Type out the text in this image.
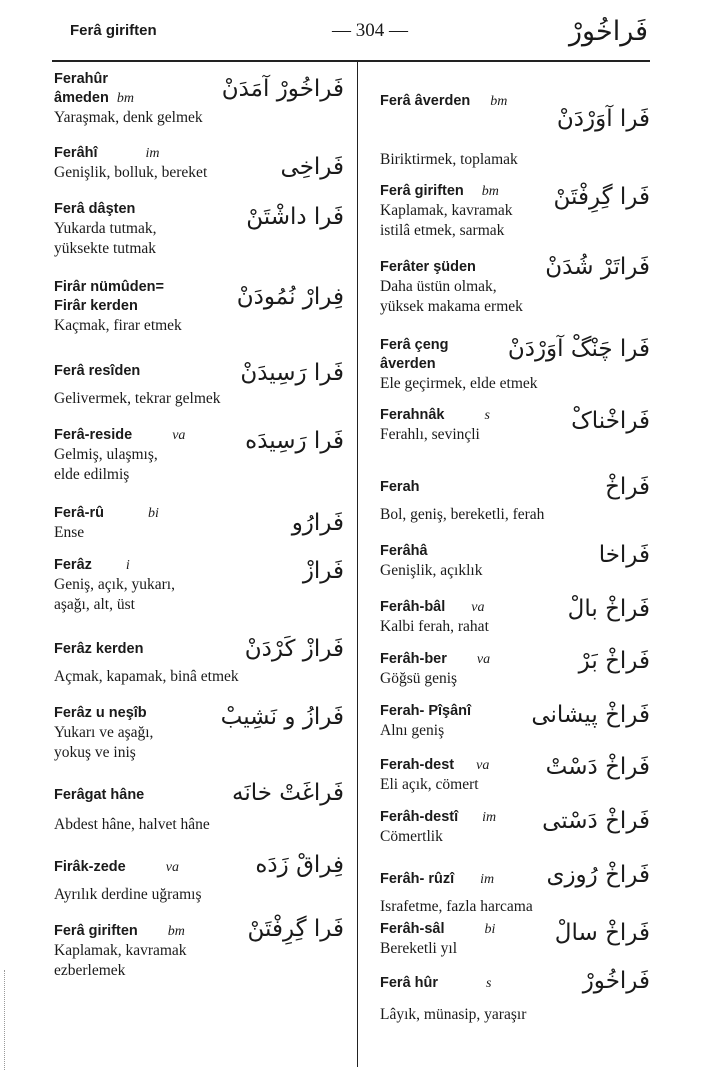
Ferâ giriften	— 304 —	فَراخُورْ
Ferahûr
âmeden bm
Yaraşmak, denk gelmek
فَراخُورْ آمَدَنْ
Ferâhî	im
Genişlik, bolluk, bereket	فَراخِی
Ferâ dâşten
Yukarda tutmak,
yüksekte tutmak
فَرا داشْتَنْ
Firâr nümûden=
Firâr kerden
Kaçmak, firar etmek
فِرارْ نُمُودَنْ
Ferâ resîden
Gelivermek, tekrar gelmek
فَرا رَسِیدَنْ
Ferâ-reside	va
Gelmiş, ulaşmış,
elde edilmiş
فَرا رَسِیدَه
Ferâ-rû	bi
Ense	فَرارُو
Ferâz i
Geniş, açık, yukarı,
aşağı, alt, üst
فَرازْ
Ferâz kerden
Açmak, kapamak, binâ etmek
فَرازْ کَرْدَنْ
Ferâz u neşîb
Yukarı ve aşağı,
yokuş ve iniş
فَرازُ و نَشِیبْ
Ferâgat hâne
Abdest hâne, halvet hâne
فَراغَتْ خانَه
Firâk-zede	va
Ayrılık derdine uğramış
فِراقْ زَدَه
Ferâ giriften bm
Kaplamak, kavramak
ezberlemek
فَرا گِرِفْتَنْ
Ferâ âverden bm
فَرا آوَرْدَنْ
Biriktirmek, toplamak
Ferâ giriften bm
Kaplamak, kavramak
istilâ etmek, sarmak
فَرا گِرِفْتَنْ
Ferâter şüden
Daha üstün olmak,
yüksek makama ermek
فَراتَرْ شُدَنْ
Ferâ çeng
âverden
Ele geçirmek, elde etmek
فَرا چَنْگْ آوَرْدَنْ
Ferahnâk	s
Ferahlı, sevinçli
فَراخْناکْ
Ferah
Bol, geniş, bereketli, ferah
فَراخْ
Ferâhâ
Genişlik, açıklık
فَراخا
Ferâh-bâl va
Kalbi ferah, rahat
فَراخْ بالْ
Ferâh-ber va
Göğsü geniş
فَراخْ بَرْ
Ferah- Pîşânî
Alnı geniş
فَراخْ پیشانی
Ferah-dest va
Eli açık, cömert
فَراخْ دَسْتْ
Ferâh-destî im
Cömertlik
فَراخْ دَسْتی
Ferâh- rûzî im
Israfetme, fazla harcama
فَراخْ رُوزی
Ferâh-sâl	bi
Bereketli yıl
فَراخْ سالْ
Ferâ hûr	s
Lâyık, münasip, yaraşır
فَراخُورْ
